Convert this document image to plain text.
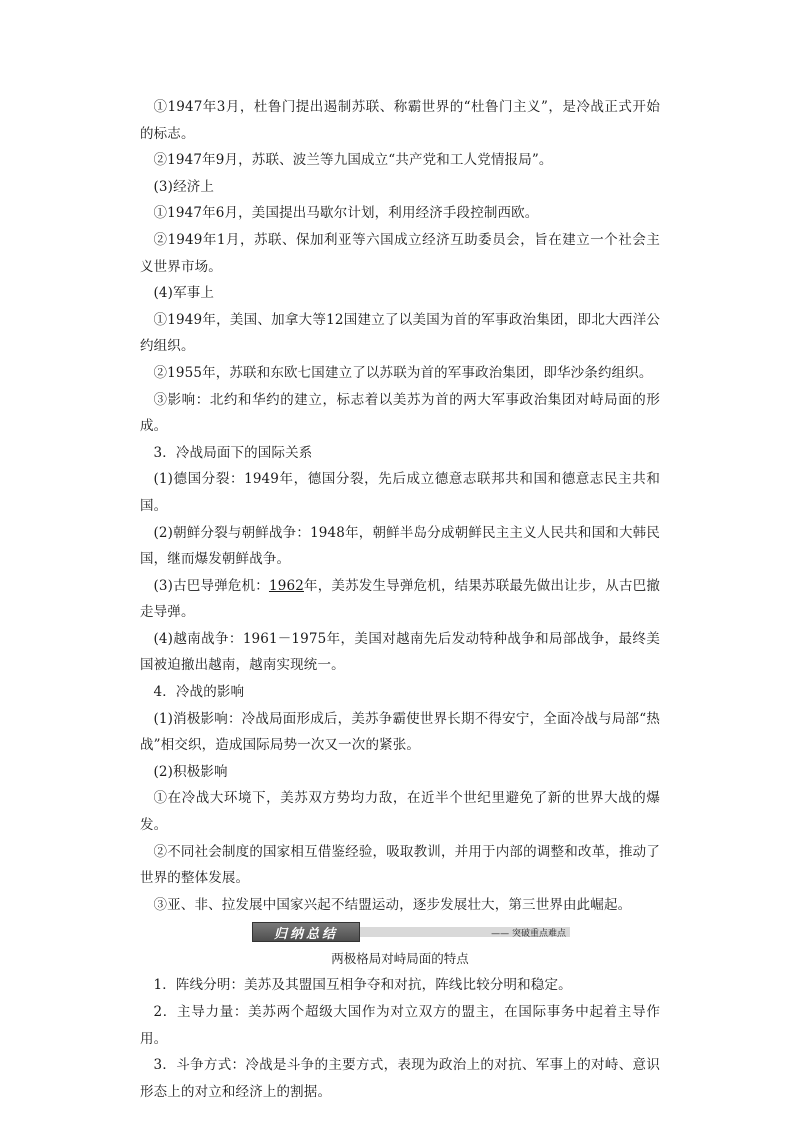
①1947年3月，杜鲁门提出遏制苏联、称霸世界的“杜鲁门主义”，是冷战正式开始的标志。

②1947年9月，苏联、波兰等九国成立“共产党和工人党情报局”。

(3)经济上

①1947年6月，美国提出马歇尔计划，利用经济手段控制西欧。

②1949年1月，苏联、保加利亚等六国成立经济互助委员会，旨在建立一个社会主义世界市场。

(4)军事上

①1949年，美国、加拿大等12国建立了以美国为首的军事政治集团，即北大西洋公约组织。

②1955年，苏联和东欧七国建立了以苏联为首的军事政治集团，即华沙条约组织。

③影响：北约和华约的建立，标志着以美苏为首的两大军事政治集团对峙局面的形成。

3．冷战局面下的国际关系

(1)德国分裂：1949年，德国分裂，先后成立德意志联邦共和国和德意志民主共和国。

(2)朝鲜分裂与朝鲜战争：1948年，朝鲜半岛分成朝鲜民主主义人民共和国和大韩民国，继而爆发朝鲜战争。

(3)古巴导弹危机：1962年，美苏发生导弹危机，结果苏联最先做出让步，从古巴撤走导弹。

(4)越南战争：1961－1975年，美国对越南先后发动特种战争和局部战争，最终美国被迫撤出越南，越南实现统一。

4．冷战的影响

(1)消极影响：冷战局面形成后，美苏争霸使世界长期不得安宁，全面冷战与局部“热战”相交织，造成国际局势一次又一次的紧张。

(2)积极影响

①在冷战大环境下，美苏双方势均力敌，在近半个世纪里避免了新的世界大战的爆发。

②不同社会制度的国家相互借鉴经验，吸取教训，并用于内部的调整和改革，推动了世界的整体发展。

③亚、非、拉发展中国家兴起不结盟运动，逐步发展壮大，第三世界由此崛起。

归纳总结	—— 突破重点难点
两极格局对峙局面的特点

1．阵线分明：美苏及其盟国互相争夺和对抗，阵线比较分明和稳定。

2．主导力量：美苏两个超级大国作为对立双方的盟主，在国际事务中起着主导作用。

3．斗争方式：冷战是斗争的主要方式，表现为政治上的对抗、军事上的对峙、意识形态上的对立和经济上的割据。
